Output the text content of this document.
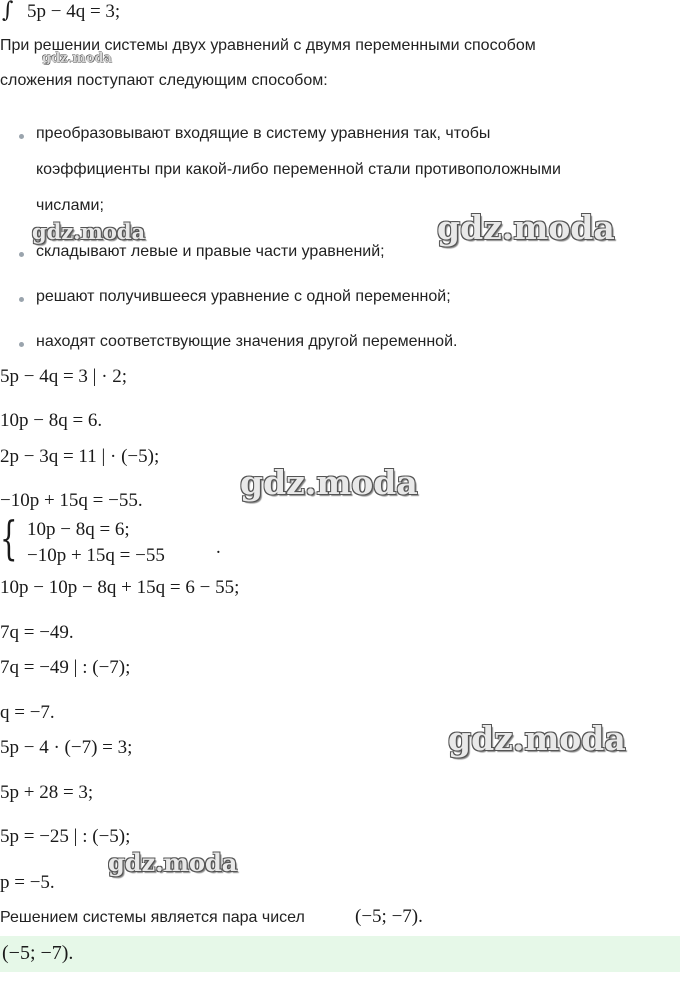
∫ 5p − 4q = 3;
При решении системы двух уравнений с двумя переменными способом
сложения поступают следующим способом:
преобразовывают входящие в систему уравнения так, чтобы
коэффициенты при какой-либо переменной стали противоположными
числами;
складывают левые и правые части уравнений;
решают получившееся уравнение с одной переменной;
находят соответствующие значения другой переменной.
5p − 4q = 3 | · 2;
10p − 8q = 6.
2p − 3q = 11 | · (−5);
−10p + 15q = −55.
{ 10p − 8q = 6;
−10p + 15q = −55	.
10p − 10p − 8q + 15q = 6 − 55;
7q = −49.
7q = −49 | : (−7);
q = −7.
5p − 4 · (−7) = 3;
5p + 28 = 3;
5p = −25 | : (−5);
p = −5.
Решением системы является пара чисел	(−5; −7).
(−5; −7).
gdz.moda
gdz.moda	gdz.moda
gdz.moda
gdz.moda
gdz.moda
